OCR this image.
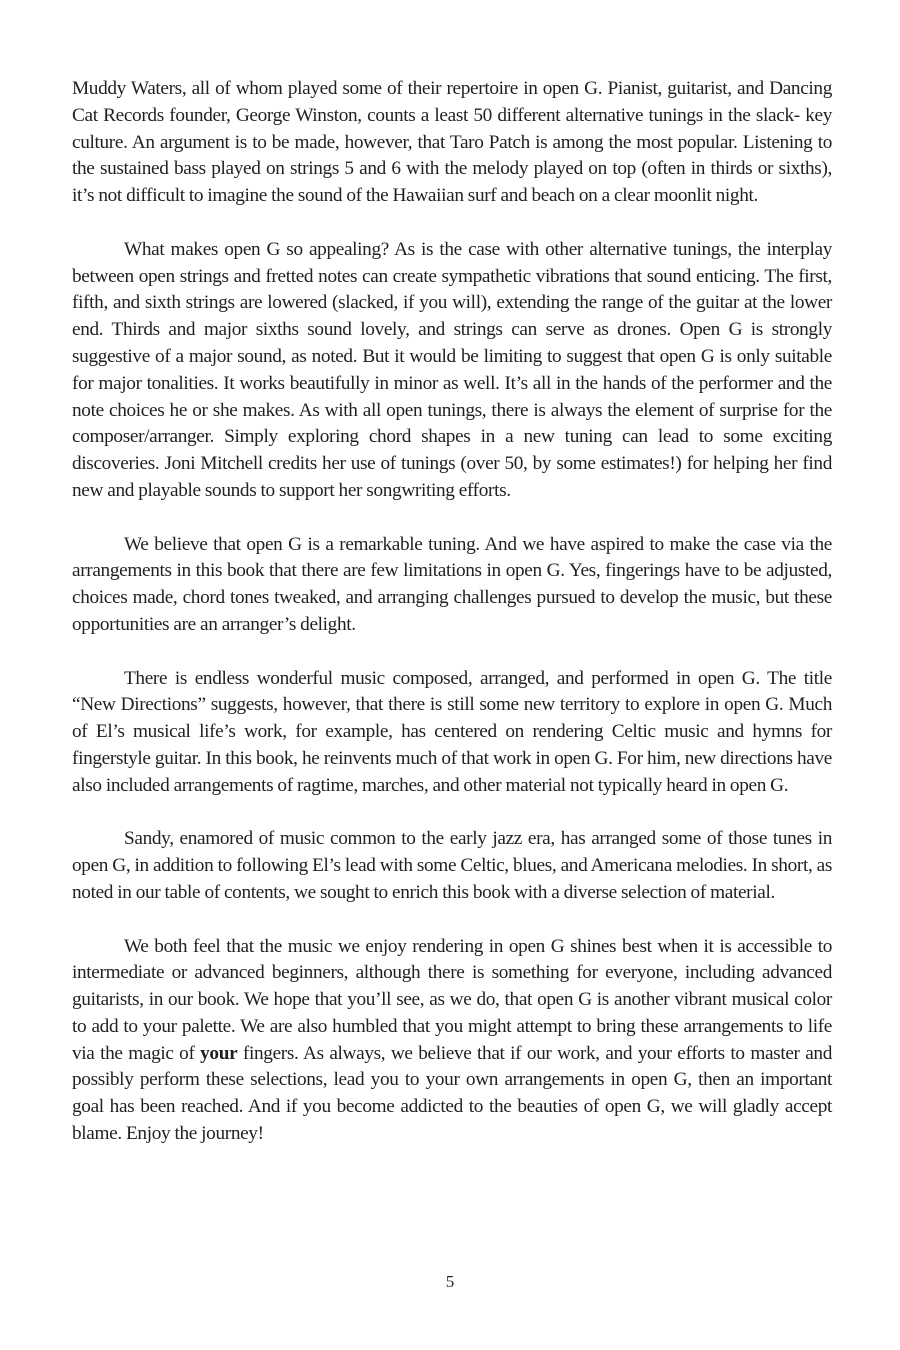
Muddy Waters, all of whom played some of their repertoire in open G. Pianist, guitarist, and Dancing Cat Records founder, George Winston, counts a least 50 different alternative tunings in the slack- key culture. An argument is to be made, however, that Taro Patch is among the most popular. Listening to the sustained bass played on strings 5 and 6 with the melody played on top (often in thirds or sixths), it’s not difficult to imagine the sound of the Hawaiian surf and beach on a clear moonlit night.

What makes open G so appealing? As is the case with other alternative tunings, the interplay between open strings and fretted notes can create sympathetic vibrations that sound enticing. The first, fifth, and sixth strings are lowered (slacked, if you will), extending the range of the guitar at the lower end. Thirds and major sixths sound lovely, and strings can serve as drones. Open G is strongly suggestive of a major sound, as noted. But it would be limiting to suggest that open G is only suitable for major tonalities. It works beautifully in minor as well. It’s all in the hands of the performer and the note choices he or she makes. As with all open tunings, there is always the element of surprise for the composer/arranger. Simply exploring chord shapes in a new tuning can lead to some exciting discoveries. Joni Mitchell credits her use of tunings (over 50, by some estimates!) for helping her find new and playable sounds to support her songwriting efforts.

We believe that open G is a remarkable tuning. And we have aspired to make the case via the arrangements in this book that there are few limitations in open G. Yes, fingerings have to be adjusted, choices made, chord tones tweaked, and arranging challenges pursued to develop the music, but these opportunities are an arranger’s delight.

There is endless wonderful music composed, arranged, and performed in open G. The title “New Directions” suggests, however, that there is still some new territory to explore in open G. Much of El’s musical life’s work, for example, has centered on rendering Celtic music and hymns for fingerstyle guitar. In this book, he reinvents much of that work in open G. For him, new directions have also included arrangements of ragtime, marches, and other material not typically heard in open G.

Sandy, enamored of music common to the early jazz era, has arranged some of those tunes in open G, in addition to following El’s lead with some Celtic, blues, and Americana melodies. In short, as noted in our table of contents, we sought to enrich this book with a diverse selection of material.

We both feel that the music we enjoy rendering in open G shines best when it is accessible to intermediate or advanced beginners, although there is something for everyone, including advanced guitarists, in our book. We hope that you’ll see, as we do, that open G is another vibrant musical color to add to your palette. We are also humbled that you might attempt to bring these arrangements to life via the magic of your fingers. As always, we believe that if our work, and your efforts to master and possibly perform these selections, lead you to your own arrangements in open G, then an important goal has been reached. And if you become addicted to the beauties of open G, we will gladly accept blame. Enjoy the journey!

5
